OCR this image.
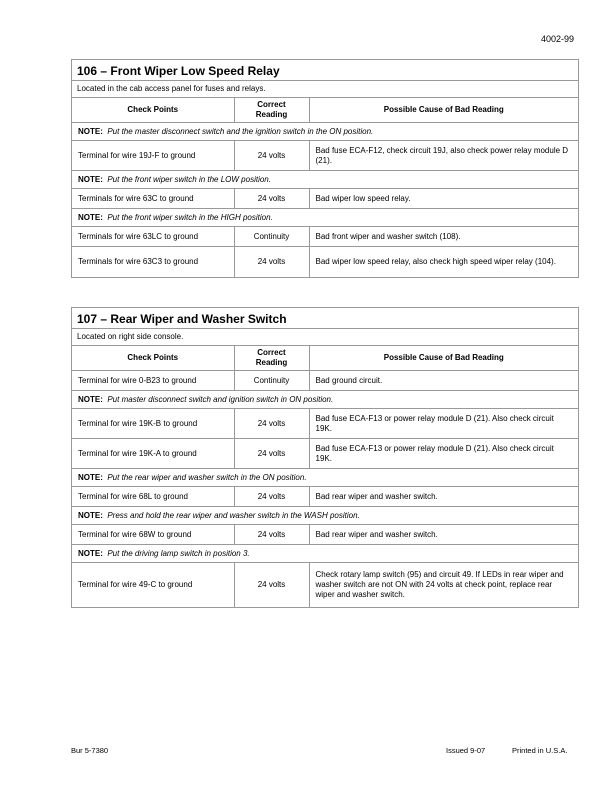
4002-99
106 – Front Wiper Low Speed Relay
Located in the cab access panel for fuses and relays.
Check Points	Correct Reading	Possible Cause of Bad Reading
NOTE: Put the master disconnect switch and the ignition switch in the ON position.		
Terminal for wire 19J-F to ground	24 volts	Bad fuse ECA-F12, check circuit 19J, also check power relay module D (21).
NOTE: Put the front wiper switch in the LOW position.		
Terminals for wire 63C to ground	24 volts	Bad wiper low speed relay.
NOTE: Put the front wiper switch in the HIGH position.		
Terminals for wire 63LC to ground	Continuity	Bad front wiper and washer switch (108).
Terminals for wire 63C3 to ground	24 volts	Bad wiper low speed relay, also check high speed wiper relay (104).
107 – Rear Wiper and Washer Switch
Located on right side console.
Check Points	Correct Reading	Possible Cause of Bad Reading
Terminal for wire 0-B23 to ground	Continuity	Bad ground circuit.
NOTE: Put master disconnect switch and ignition switch in ON position.		
Terminal for wire 19K-B to ground	24 volts	Bad fuse ECA-F13 or power relay module D (21). Also check circuit 19K.
Terminal for wire 19K-A to ground	24 volts	Bad fuse ECA-F13 or power relay module D (21). Also check circuit 19K.
NOTE: Put the rear wiper and washer switch in the ON position.		
Terminal for wire 68L to ground	24 volts	Bad rear wiper and washer switch.
NOTE: Press and hold the rear wiper and washer switch in the WASH position.		
Terminal for wire 68W to ground	24 volts	Bad rear wiper and washer switch.
NOTE: Put the driving lamp switch in position 3.		
Terminal for wire 49-C to ground	24 volts	Check rotary lamp switch (95) and circuit 49. If LEDs in rear wiper and washer switch are not ON with 24 volts at check point, replace rear wiper and washer switch.
Bur 5-7380	Issued 9-07	Printed in U.S.A.
